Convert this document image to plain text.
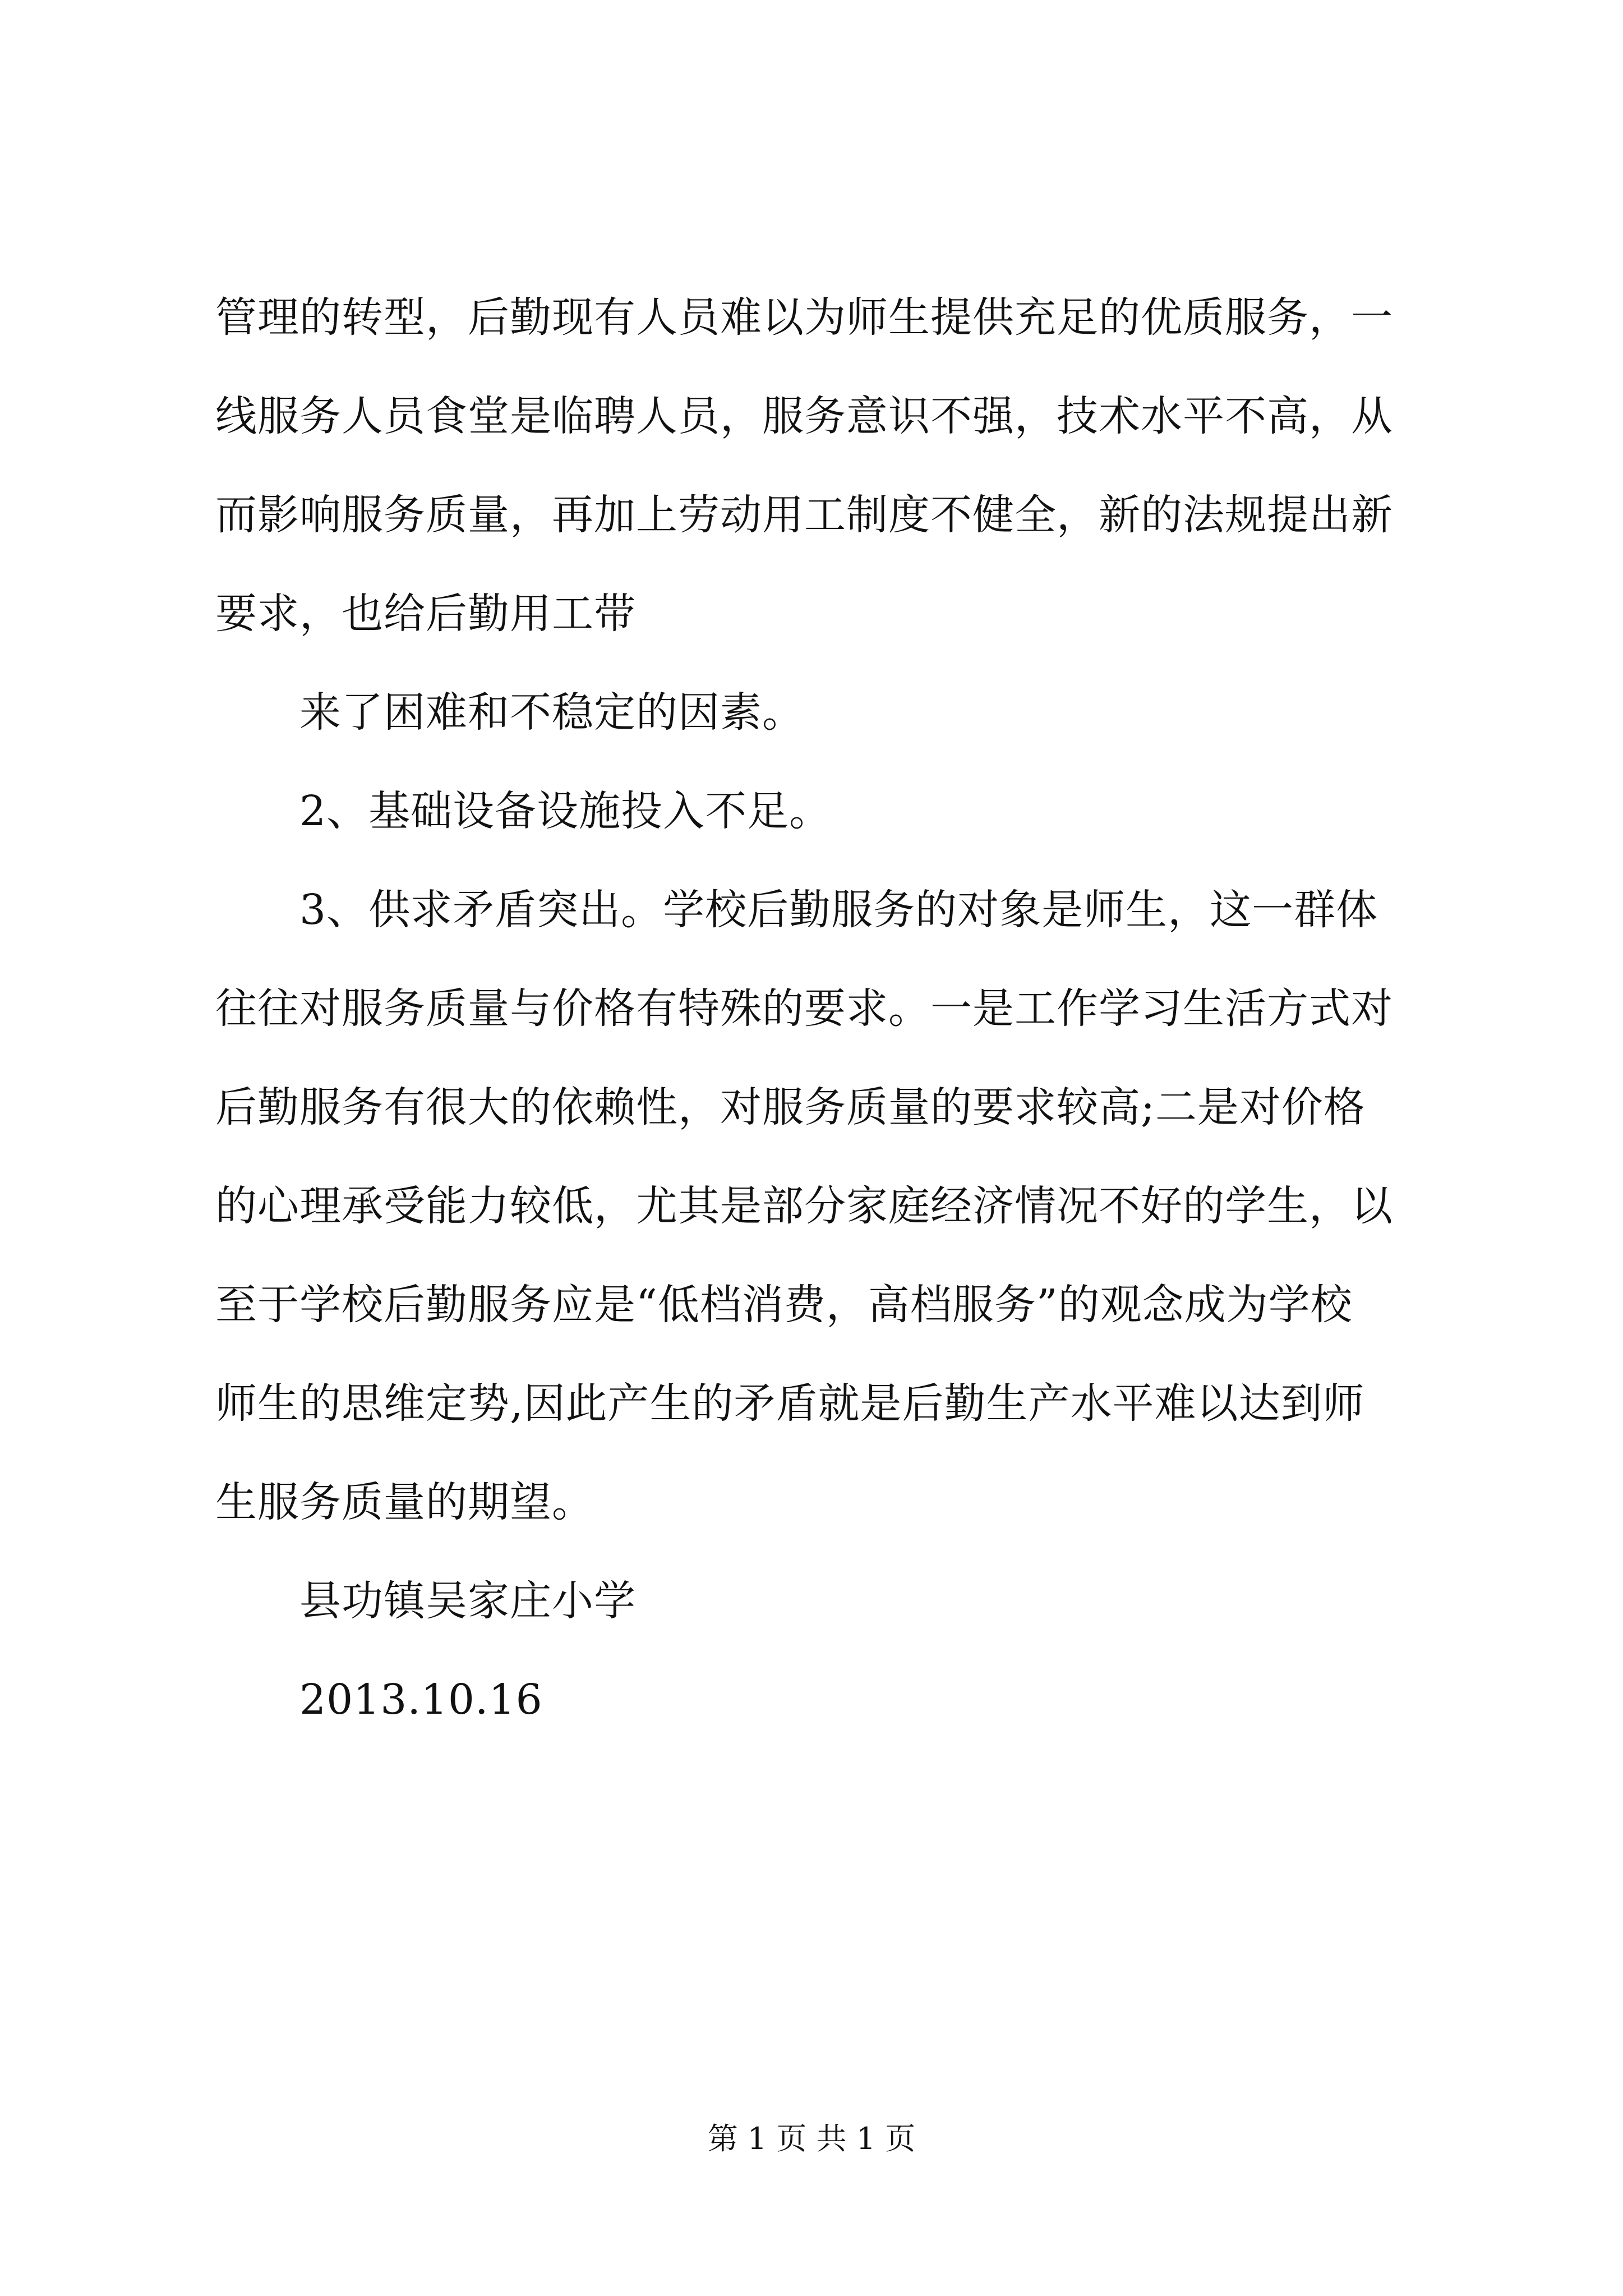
管理的转型，后勤现有人员难以为师生提供充足的优质服务，一
线服务人员食堂是临聘人员，服务意识不强，技术水平不高，从
而影响服务质量，再加上劳动用工制度不健全，新的法规提出新
要求，也给后勤用工带
来了困难和不稳定的因素。
2、基础设备设施投入不足。
3、供求矛盾突出。学校后勤服务的对象是师生，这一群体
往往对服务质量与价格有特殊的要求。一是工作学习生活方式对
后勤服务有很大的依赖性，对服务质量的要求较高;二是对价格
的心理承受能力较低，尤其是部分家庭经济情况不好的学生，以
至于学校后勤服务应是“低档消费，高档服务”的观念成为学校
师生的思维定势,因此产生的矛盾就是后勤生产水平难以达到师
生服务质量的期望。
县功镇吴家庄小学
2013.10.16
第 1 页 共 1 页
